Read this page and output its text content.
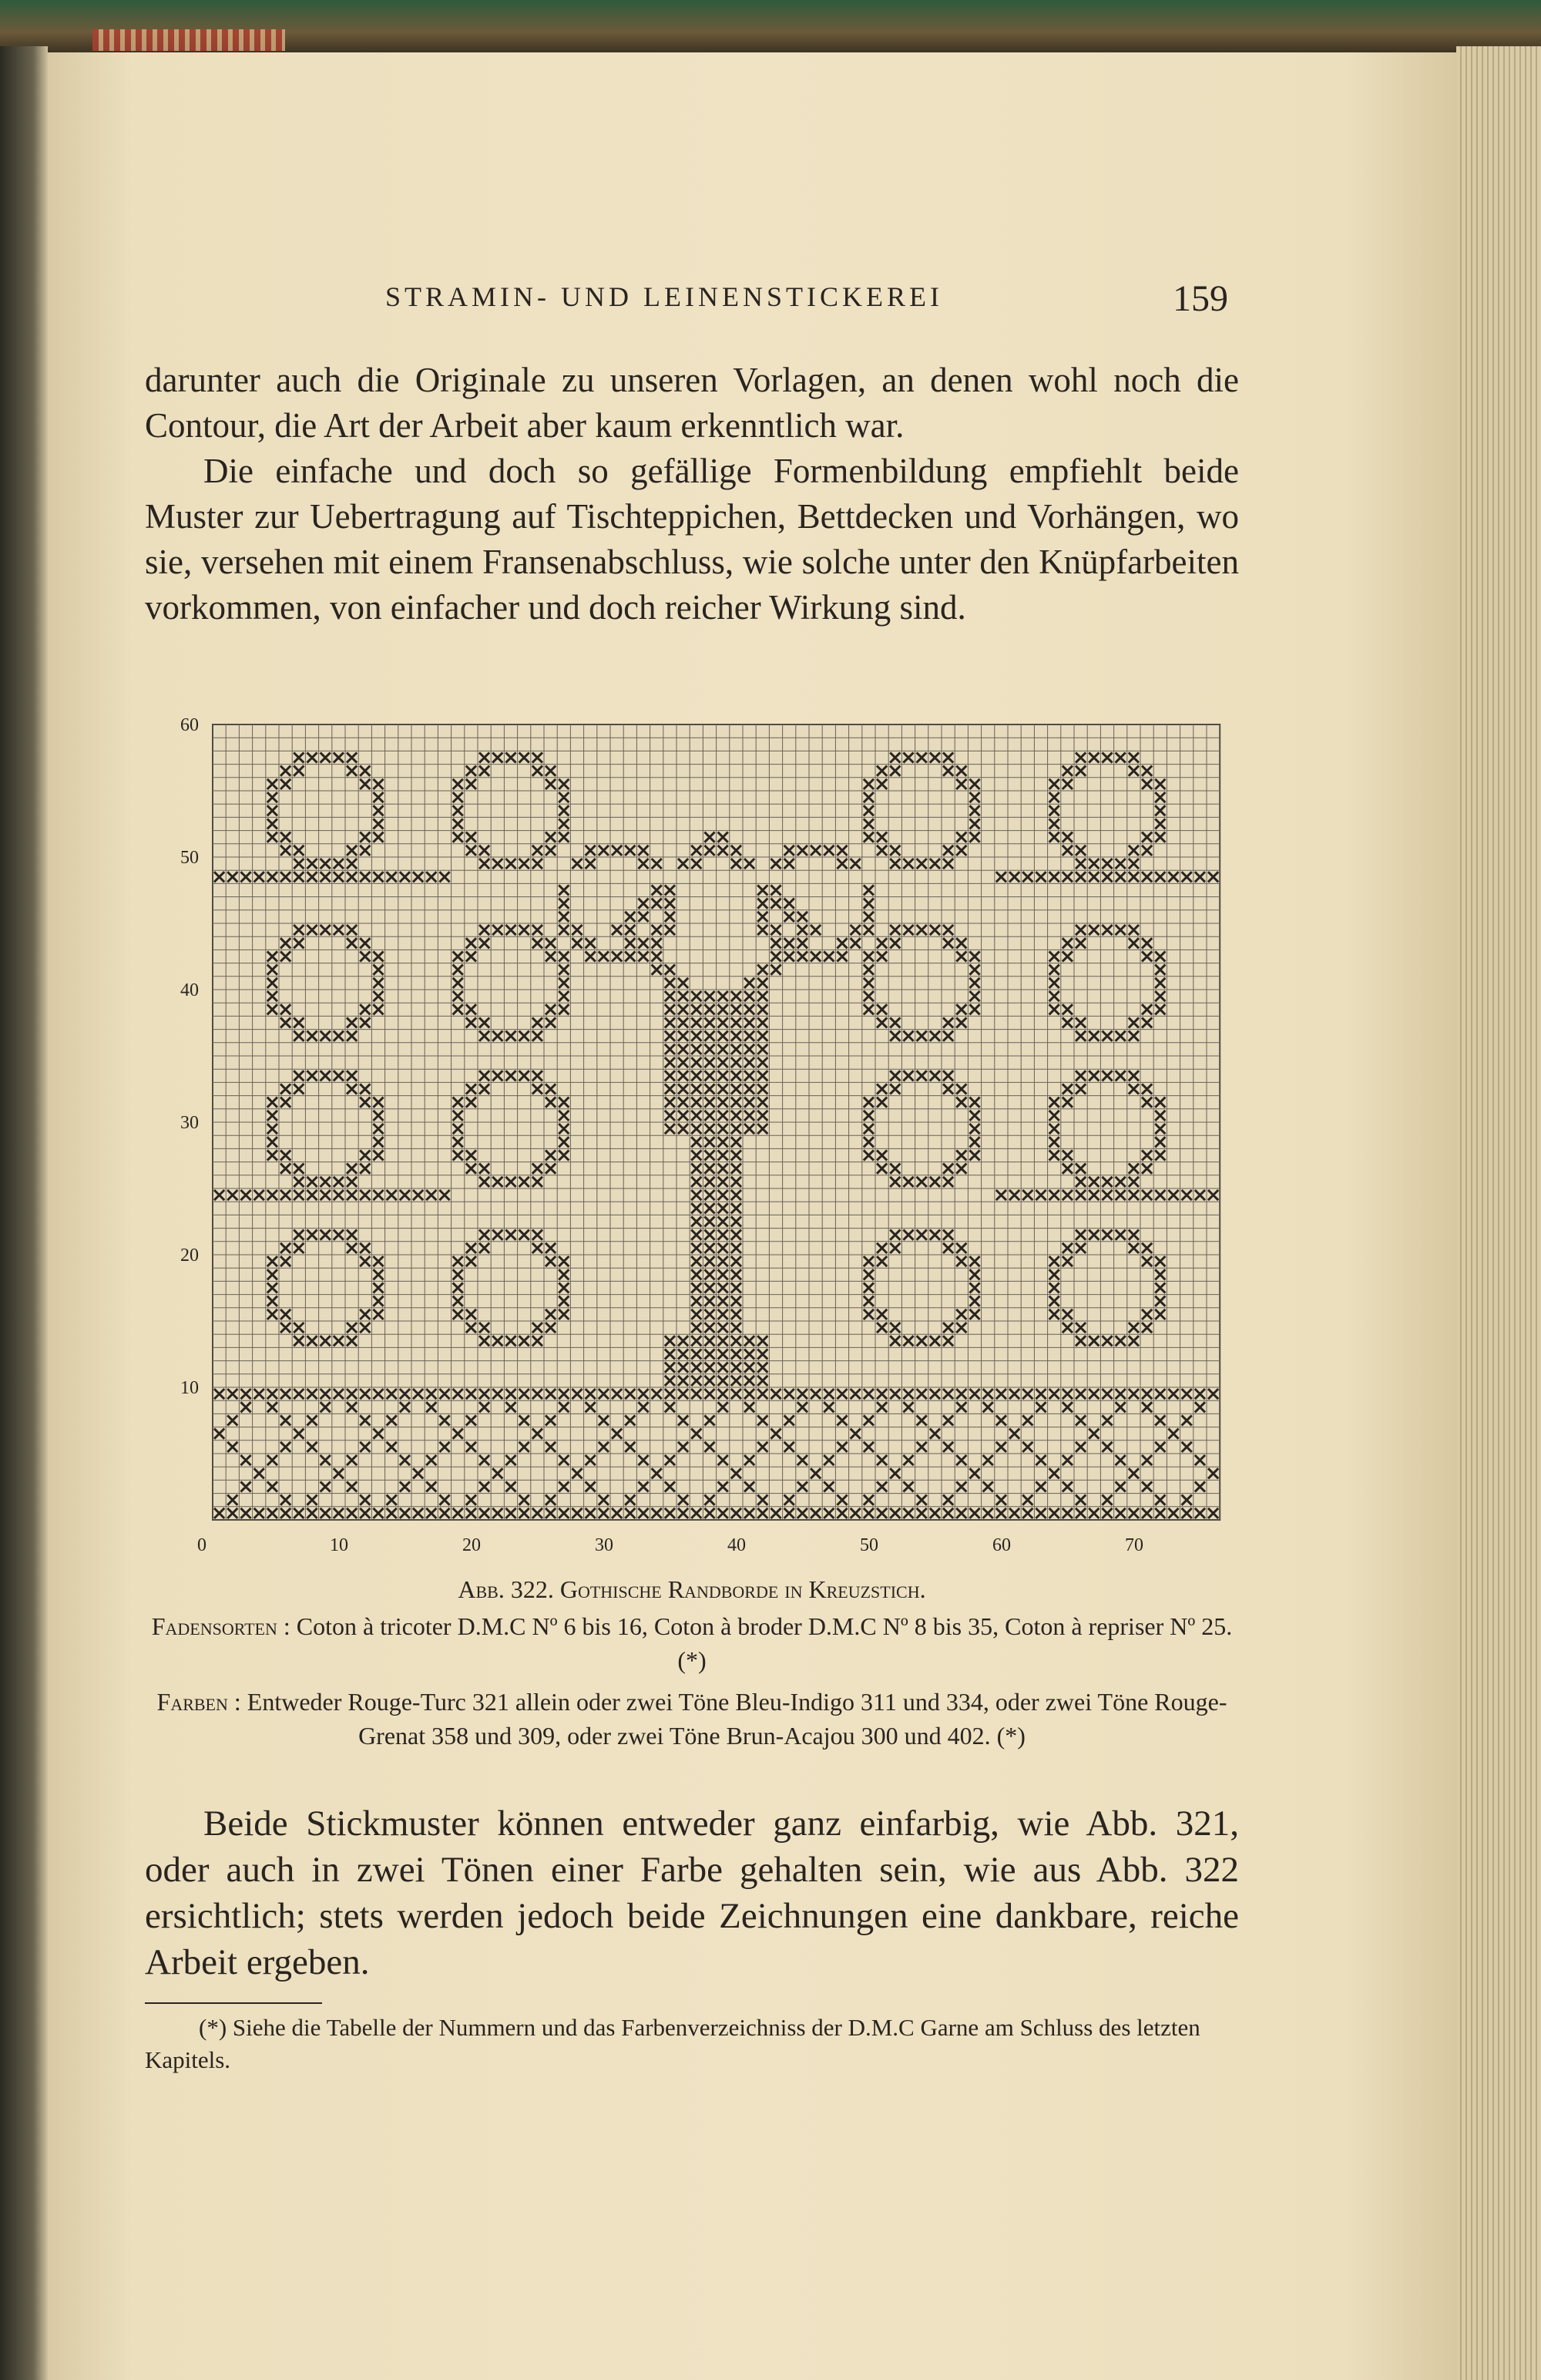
STRAMIN- UND LEINENSTICKEREI	159

darunter auch die Originale zu unseren Vorlagen, an denen wohl noch die Contour, die Art der Arbeit aber kaum erkenntlich war.

Die einfache und doch so gefällige Formenbildung empfiehlt beide Muster zur Uebertragung auf Tischteppichen, Bettdecken und Vorhängen, wo sie, versehen mit einem Fransenabschluss, wie solche unter den Knüpfarbeiten vorkommen, von einfacher und doch reicher Wirkung sind.

0	10	20	30	40	50	60	70
10
20
30
40
50
60
Abb. 322. Gothische Randborde in Kreuzstich.
Fadensorten : Coton à tricoter D.M.C Nº 6 bis 16, Coton à broder D.M.C Nº 8 bis 35, Coton à repriser Nº 25. (*)
Farben : Entweder Rouge-Turc 321 allein oder zwei Töne Bleu-Indigo 311 und 334, oder zwei Töne Rouge-Grenat 358 und 309, oder zwei Töne Brun-Acajou 300 und 402. (*)

Beide Stickmuster können entweder ganz einfarbig, wie Abb. 321, oder auch in zwei Tönen einer Farbe gehalten sein, wie aus Abb. 322 ersichtlich; stets werden jedoch beide Zeichnungen eine dankbare, reiche Arbeit ergeben.

(*) Siehe die Tabelle der Nummern und das Farbenverzeichniss der D.M.C Garne am Schluss des letzten Kapitels.
